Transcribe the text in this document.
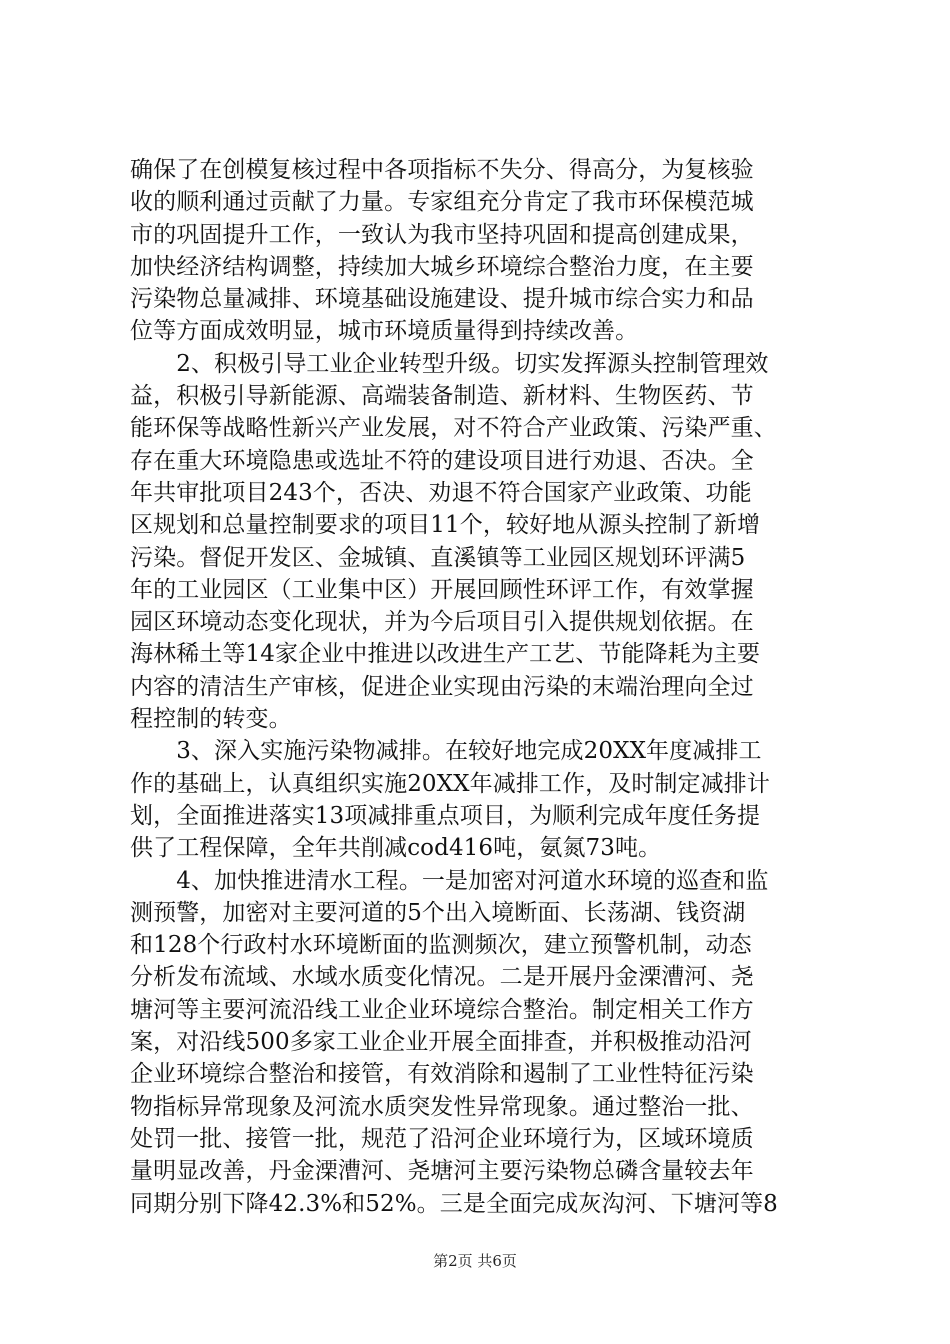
确保了在创模复核过程中各项指标不失分、得高分，为复核验
收的顺利通过贡献了力量。专家组充分肯定了我市环保模范城
市的巩固提升工作，一致认为我市坚持巩固和提高创建成果，
加快经济结构调整，持续加大城乡环境综合整治力度，在主要
污染物总量减排、环境基础设施建设、提升城市综合实力和品
位等方面成效明显，城市环境质量得到持续改善。
　　2、积极引导工业企业转型升级。切实发挥源头控制管理效
益，积极引导新能源、高端装备制造、新材料、生物医药、节
能环保等战略性新兴产业发展，对不符合产业政策、污染严重、
存在重大环境隐患或选址不符的建设项目进行劝退、否决。全
年共审批项目243个，否决、劝退不符合国家产业政策、功能
区规划和总量控制要求的项目11个，较好地从源头控制了新增
污染。督促开发区、金城镇、直溪镇等工业园区规划环评满5
年的工业园区（工业集中区）开展回顾性环评工作，有效掌握
园区环境动态变化现状，并为今后项目引入提供规划依据。在
海林稀土等14家企业中推进以改进生产工艺、节能降耗为主要
内容的清洁生产审核，促进企业实现由污染的末端治理向全过
程控制的转变。
　　3、深入实施污染物减排。在较好地完成20XX年度减排工
作的基础上，认真组织实施20XX年减排工作，及时制定减排计
划，全面推进落实13项减排重点项目，为顺利完成年度任务提
供了工程保障，全年共削减cod416吨，氨氮73吨。
　　4、加快推进清水工程。一是加密对河道水环境的巡查和监
测预警，加密对主要河道的5个出入境断面、长荡湖、钱资湖
和128个行政村水环境断面的监测频次，建立预警机制，动态
分析发布流域、水域水质变化情况。二是开展丹金溧漕河、尧
塘河等主要河流沿线工业企业环境综合整治。制定相关工作方
案，对沿线500多家工业企业开展全面排查，并积极推动沿河
企业环境综合整治和接管，有效消除和遏制了工业性特征污染
物指标异常现象及河流水质突发性异常现象。通过整治一批、
处罚一批、接管一批，规范了沿河企业环境行为，区域环境质
量明显改善，丹金溧漕河、尧塘河主要污染物总磷含量较去年
同期分别下降42.3%和52%。三是全面完成灰沟河、下塘河等8
第2页 共6页
